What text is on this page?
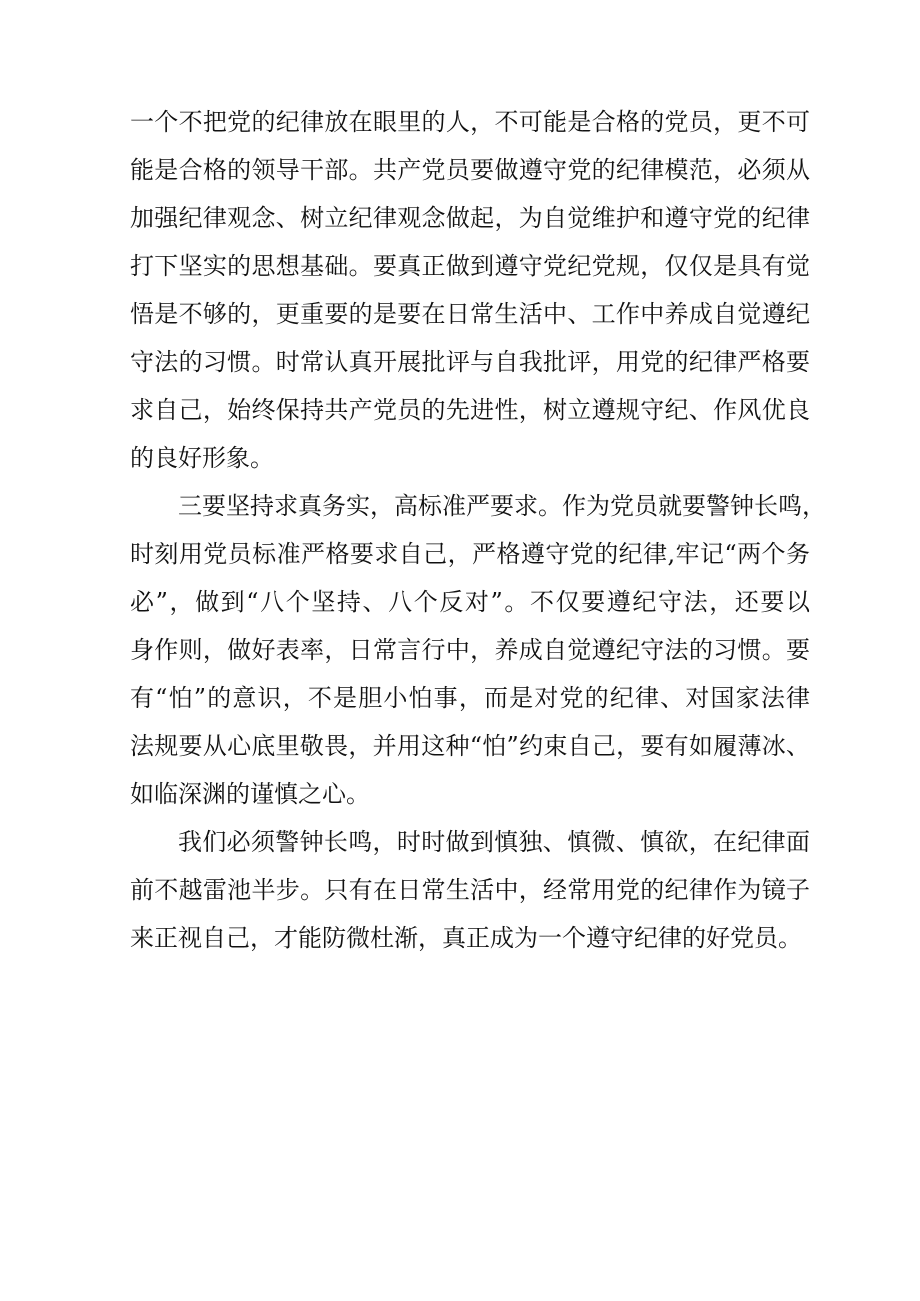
一个不把党的纪律放在眼里的人，不可能是合格的党员，更不可
能是合格的领导干部。共产党员要做遵守党的纪律模范，必须从
加强纪律观念、树立纪律观念做起，为自觉维护和遵守党的纪律
打下坚实的思想基础。要真正做到遵守党纪党规，仅仅是具有觉
悟是不够的，更重要的是要在日常生活中、工作中养成自觉遵纪
守法的习惯。时常认真开展批评与自我批评，用党的纪律严格要
求自己，始终保持共产党员的先进性，树立遵规守纪、作风优良
的良好形象。
三要坚持求真务实，高标准严要求。作为党员就要警钟长鸣，
时刻用党员标准严格要求自己，严格遵守党的纪律,牢记“两个务
必”，做到“八个坚持、八个反对”。不仅要遵纪守法，还要以
身作则，做好表率，日常言行中，养成自觉遵纪守法的习惯。要
有“怕”的意识，不是胆小怕事，而是对党的纪律、对国家法律
法规要从心底里敬畏，并用这种“怕”约束自己，要有如履薄冰、
如临深渊的谨慎之心。
我们必须警钟长鸣，时时做到慎独、慎微、慎欲，在纪律面
前不越雷池半步。只有在日常生活中，经常用党的纪律作为镜子
来正视自己，才能防微杜渐，真正成为一个遵守纪律的好党员。
